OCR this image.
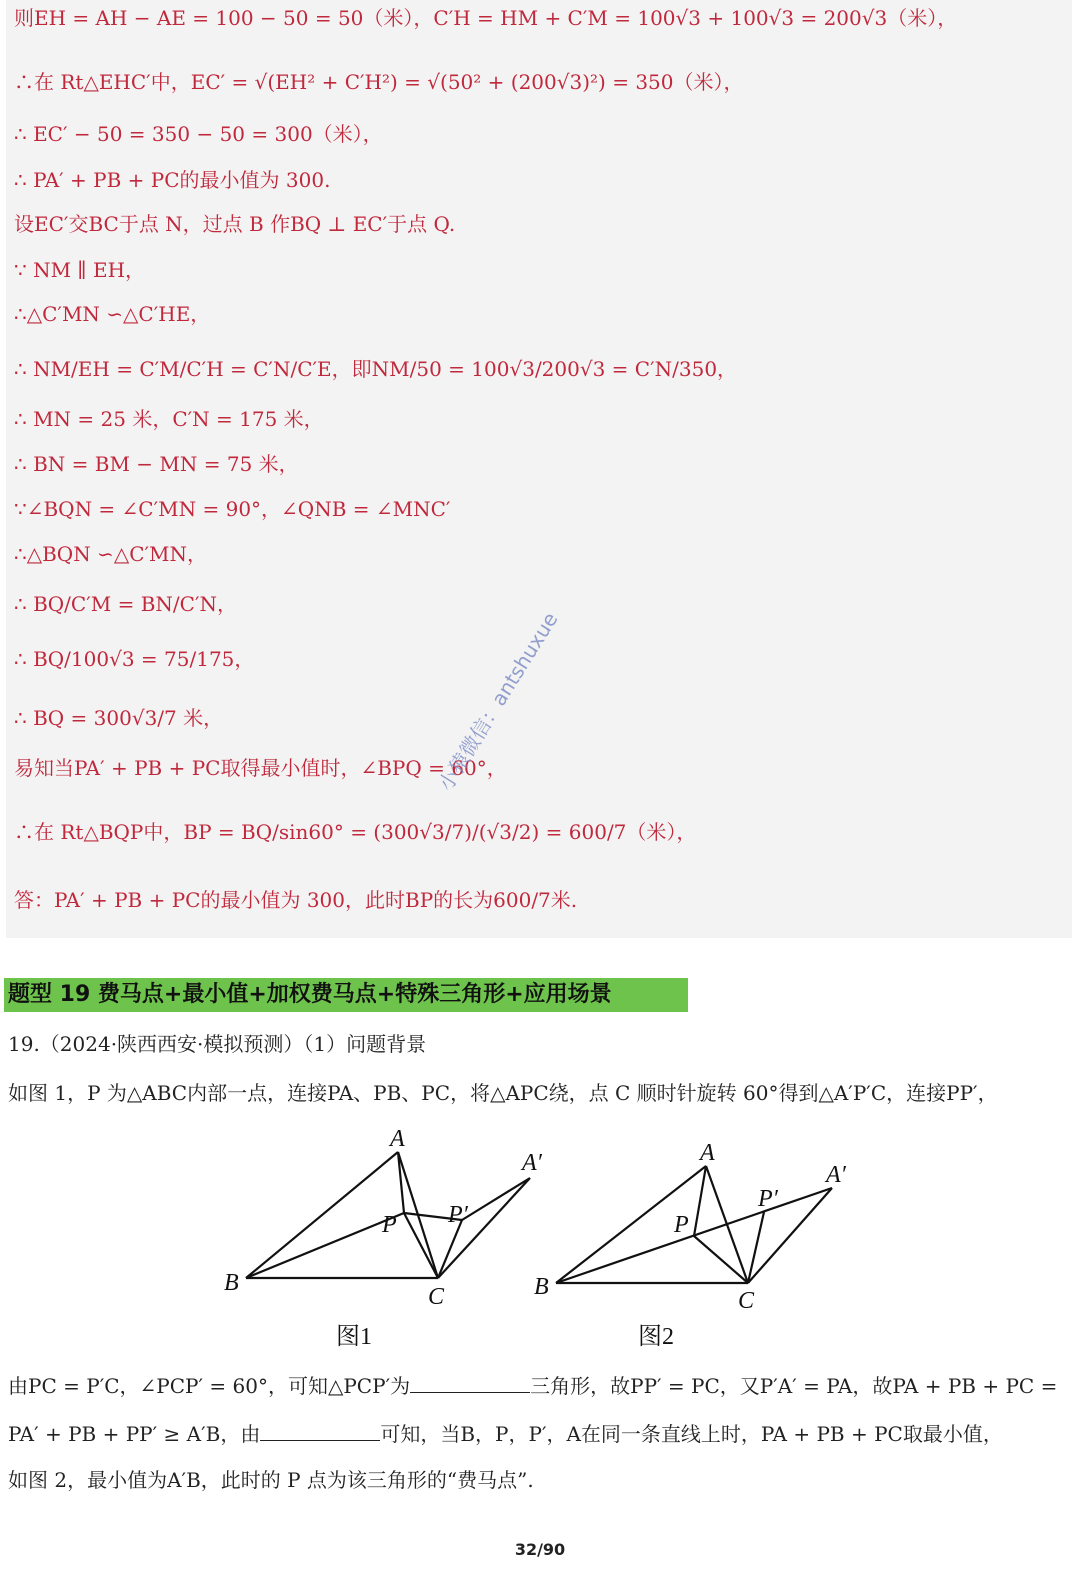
则EH = AH − AE = 100 − 50 = 50（米），C′H = HM + C′M = 100√3 + 100√3 = 200√3（米），
∴在 Rt△EHC′中，EC′ = √(EH² + C′H²) = √(50² + (200√3)²) = 350（米），
∴ EC′ − 50 = 350 − 50 = 300（米），
∴ PA′ + PB + PC的最小值为 300.
设EC′交BC于点 N，过点 B 作BQ ⊥ EC′于点 Q.
∵ NM ∥ EH，
∴△C′MN ∽△C′HE，
∴ NM/EH = C′M/C′H = C′N/C′E，即NM/50 = 100√3/200√3 = C′N/350，
∴ MN = 25 米，C′N = 175 米，
∴ BN = BM − MN = 75 米，
∵∠BQN = ∠C′MN = 90°，∠QNB = ∠MNC′
∴△BQN ∽△C′MN，
∴ BQ/C′M = BN/C′N，
∴ BQ/100√3 = 75/175，
∴ BQ = 300√3/7 米，
易知当PA′ + PB + PC取得最小值时，∠BPQ = 60°，
∴在 Rt△BQP中，BP = BQ/sin60° = (300√3/7)/(√3/2) = 600/7（米），
答：PA′ + PB + PC的最小值为 300，此时BP的长为600/7米.
小猿微信：antshuxue
题型 19 费马点+最小值+加权费马点+特殊三角形+应用场景
19.（2024·陕西西安·模拟预测）（1）问题背景
如图 1，P 为△ABC内部一点，连接PA、PB、PC，将△APC绕，点 C 顺时针旋转 60°得到△A′P′C，连接PP′，
A
A′
B
C
P P′
图1
A
A′
B
C
P
P′
图2
由PC = P′C，∠PCP′ = 60°，可知△PCP′为	三角形，故PP′ = PC，又P′A′ = PA，故PA + PB + PC =
PA′ + PB + PP′ ≥ A′B，由	可知，当B，P，P′，A在同一条直线上时，PA + PB + PC取最小值，
如图 2，最小值为A′B，此时的 P 点为该三角形的“费马点”.
32/90
